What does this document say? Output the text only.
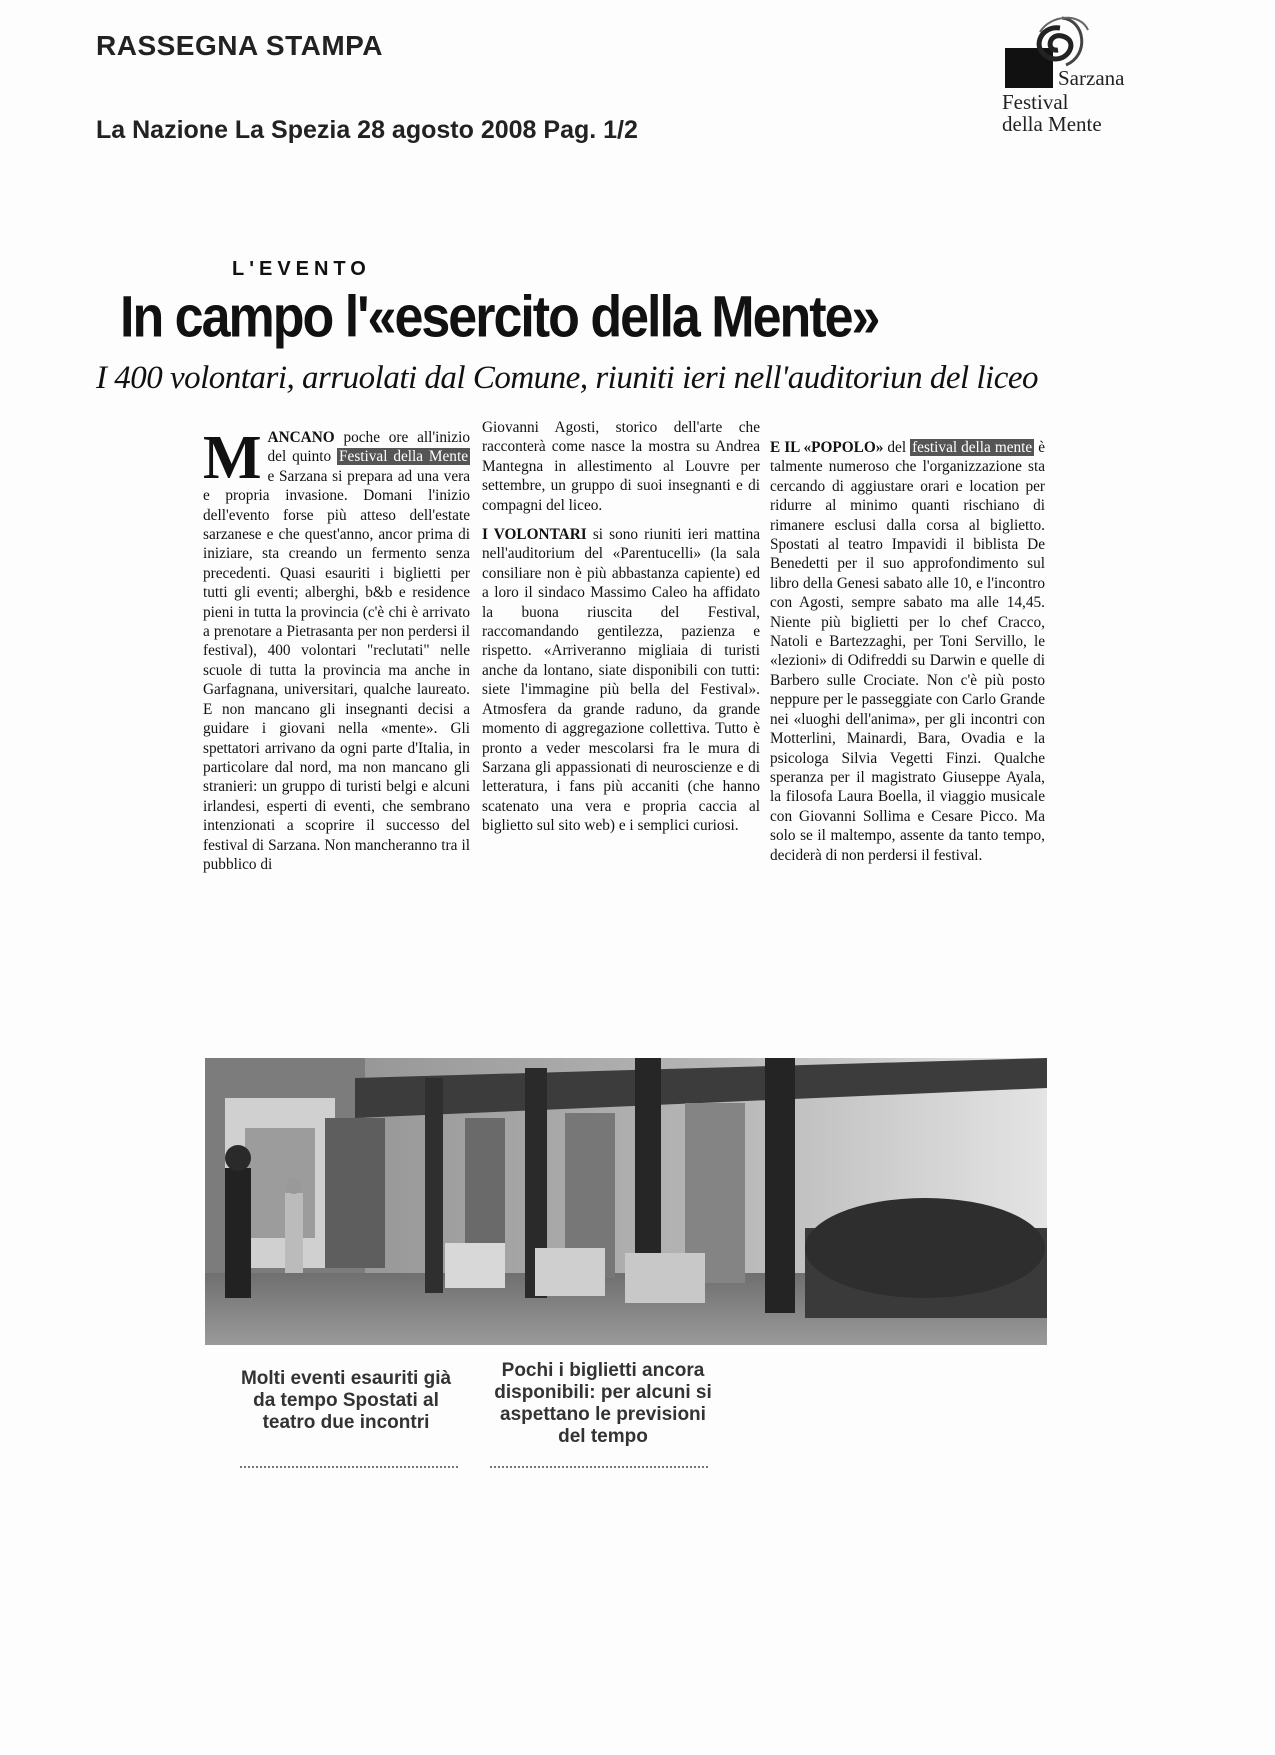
RASSEGNA STAMPA
La Nazione La Spezia 28 agosto 2008 Pag. 1/2
Sarzana
Festival
della Mente
L'EVENTO
In campo l'«esercito della Mente»
I 400 volontari, arruolati dal Comune, riuniti ieri nell'auditoriun del liceo
MANCANO poche ore all'inizio del quinto Festival della Mente e Sarzana si prepara ad una vera e propria invasione. Domani l'inizio dell'evento forse più atteso dell'estate sarzanese e che quest'anno, ancor prima di iniziare, sta creando un fermento senza precedenti. Quasi esauriti i biglietti per tutti gli eventi; alberghi, b&b e residence pieni in tutta la provincia (c'è chi è arrivato a prenotare a Pietrasanta per non perdersi il festival), 400 volontari "reclutati" nelle scuole di tutta la provincia ma anche in Garfagnana, universitari, qualche laureato. E non mancano gli insegnanti decisi a guidare i giovani nella «mente». Gli spettatori arrivano da ogni parte d'Italia, in particolare dal nord, ma non mancano gli stranieri: un gruppo di turisti belgi e alcuni irlandesi, esperti di eventi, che sembrano intenzionati a scoprire il successo del festival di Sarzana. Non mancheranno tra il pubblico di
Giovanni Agosti, storico dell'arte che racconterà come nasce la mostra su Andrea Mantegna in allestimento al Louvre per settembre, un gruppo di suoi insegnanti e di compagni del liceo.
I VOLONTARI si sono riuniti ieri mattina nell'auditorium del «Parentucelli» (la sala consiliare non è più abbastanza capiente) ed a loro il sindaco Massimo Caleo ha affidato la buona riuscita del Festival, raccomandando gentilezza, pazienza e rispetto. «Arriveranno migliaia di turisti anche da lontano, siate disponibili con tutti: siete l'immagine più bella del Festival». Atmosfera da grande raduno, da grande momento di aggregazione collettiva. Tutto è pronto a veder mescolarsi fra le mura di Sarzana gli appassionati di neuroscienze e di letteratura, i fans più accaniti (che hanno scatenato una vera e propria caccia al biglietto sul sito web) e i semplici curiosi.
E IL «POPOLO» del festival della mente è talmente numeroso che l'organizzazione sta cercando di aggiustare orari e location per ridurre al minimo quanti rischiano di rimanere esclusi dalla corsa al biglietto. Spostati al teatro Impavidi il biblista De Benedetti per il suo approfondimento sul libro della Genesi sabato alle 10, e l'incontro con Agosti, sempre sabato ma alle 14,45. Niente più biglietti per lo chef Cracco, Natoli e Bartezzaghi, per Toni Servillo, le «lezioni» di Odifreddi su Darwin e quelle di Barbero sulle Crociate. Non c'è più posto neppure per le passeggiate con Carlo Grande nei «luoghi dell'anima», per gli incontri con Motterlini, Mainardi, Bara, Ovadia e la psicologa Silvia Vegetti Finzi. Qualche speranza per il magistrato Giuseppe Ayala, la filosofa Laura Boella, il viaggio musicale con Giovanni Sollima e Cesare Picco. Ma solo se il maltempo, assente da tanto tempo, deciderà di non perdersi il festival.
Molti eventi esauriti già da tempo Spostati al teatro due incontri
Pochi i biglietti ancora disponibili: per alcuni si aspettano le previsioni del tempo
